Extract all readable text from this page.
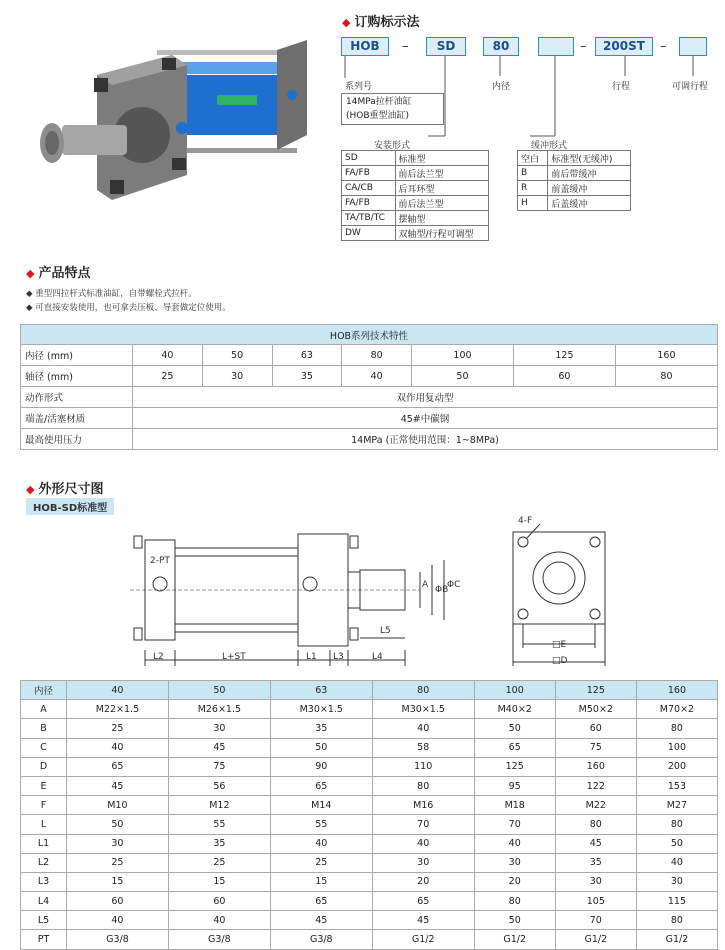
◆ 订购标示法
HOB	–	SD	80	–	200ST	–
系列号	内径	行程	可调行程
14MPa拉杆油缸
(HOB重型油缸)
安装形式	缓冲形式
SD	标准型
FA/FB	前后法兰型
CA/CB	后耳环型
FA/FB	前后法兰型
TA/TB/TC	摆轴型
DW	双轴型/行程可调型
空白	标准型(无缓冲)
B	前后带缓冲
R	前盖缓冲
H	后盖缓冲
◆ 产品特点
◆ 重型四拉杆式标准油缸，自带螺栓式拉杆。
◆ 可直接安装使用，也可拿去压板、导套做定位使用。
HOB系列技术特性							
内径 (mm)	40	50	63	80	100	125	160
轴径 (mm)	25	30	35	40	50	60	80
动作形式	双作用复动型						
端盖/活塞材质	45#中碳钢						
最高使用压力	14MPa (正常使用范围：1~8MPa)						
◆ 外形尺寸图
HOB-SD标准型
2-PT
L2	L+ST	L1 L3	L4
L5
A ΦB
ΦC
4-F
□E
□D
内径	40	50	63	80	100	125	160
A	M22×1.5	M26×1.5	M30×1.5	M30×1.5	M40×2	M50×2	M70×2
B	25	30	35	40	50	60	80
C	40	45	50	58	65	75	100
D	65	75	90	110	125	160	200
E	45	56	65	80	95	122	153
F	M10	M12	M14	M16	M18	M22	M27
L	50	55	55	70	70	80	80
L1	30	35	40	40	40	45	50
L2	25	25	25	30	30	35	40
L3	15	15	15	20	20	30	30
L4	60	60	65	65	80	105	115
L5	40	40	45	45	50	70	80
PT	G3/8	G3/8	G3/8	G1/2	G1/2	G1/2	G1/2
